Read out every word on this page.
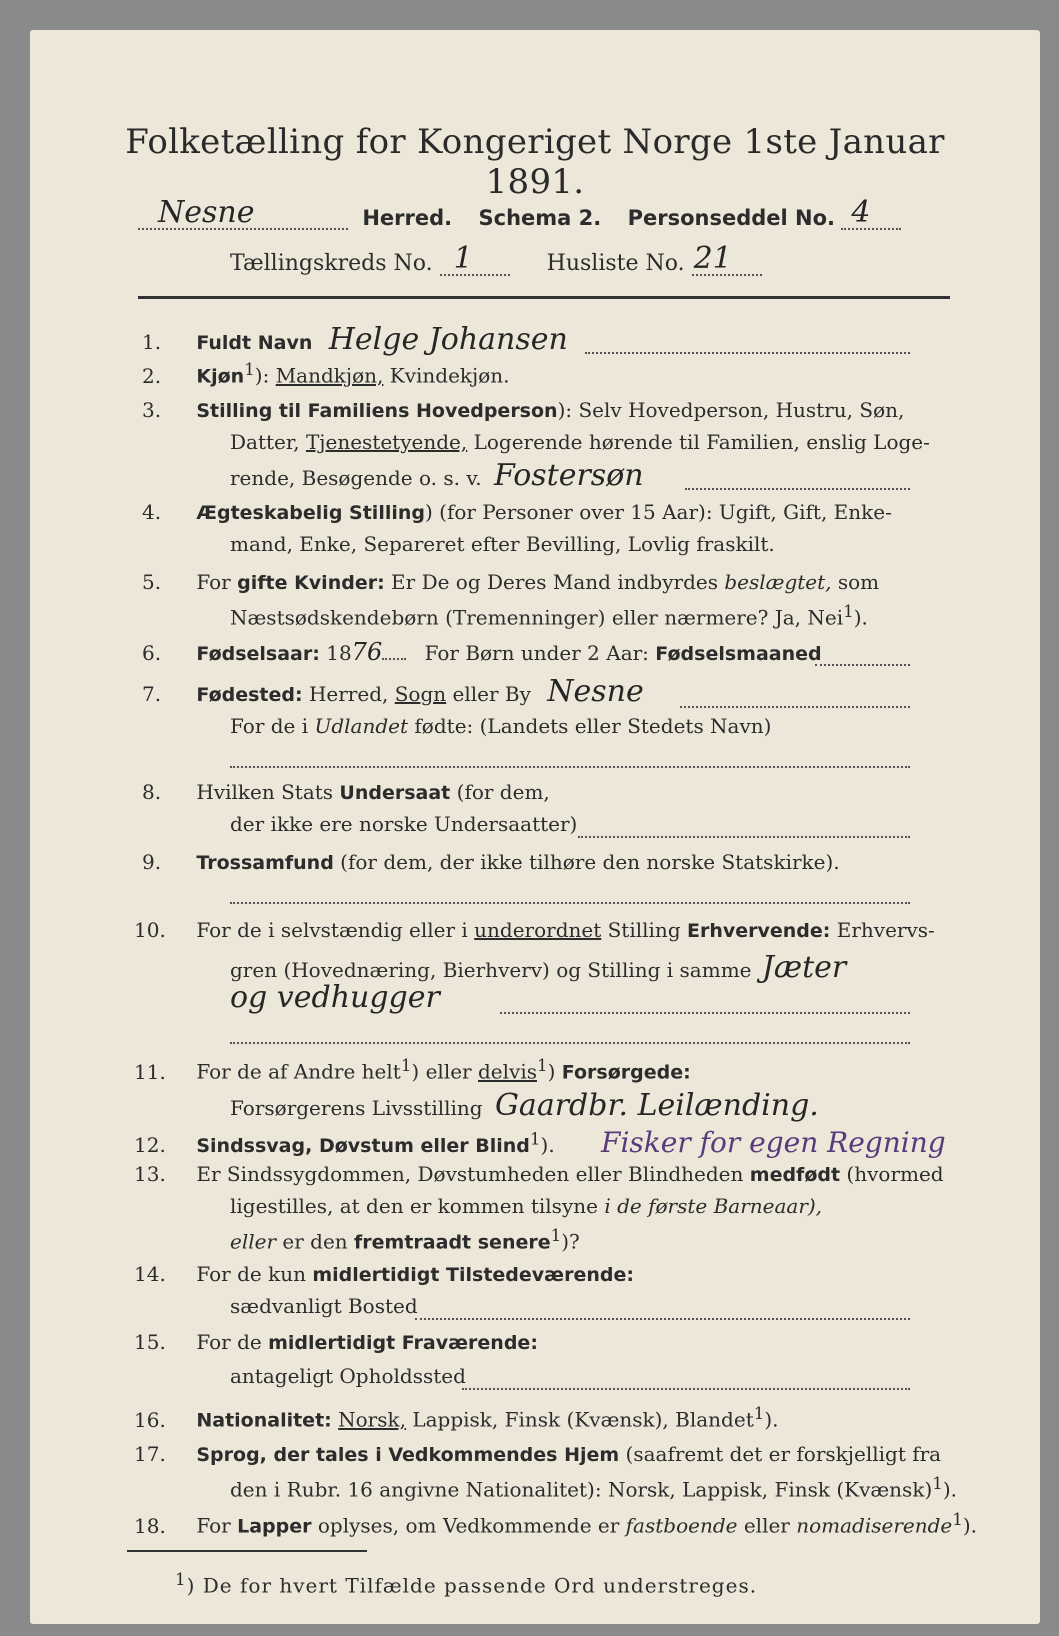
Folketælling for Kongeriget Norge 1ste Januar 1891.
Nesne	Herred. Schema 2. Personseddel No. 4
Tællingskreds No. 1	Husliste No. 21
1. Fuldt Navn Helge Johansen
2. Kjøn$^1$): Mandkjøn, Kvindekjøn.
3. Stilling til Familiens Hovedperson): Selv Hovedperson, Hustru, Søn,
Datter, Tjenestetyende, Logerende hørende til Familien, enslig Loge-
rende, Besøgende o. s. v. Fostersøn
4. Ægteskabelig Stilling) (for Personer over 15 Aar): Ugift, Gift, Enke-
mand, Enke, Separeret efter Bevilling, Lovlig fraskilt.
5. For gifte Kvinder: Er De og Deres Mand indbyrdes beslægtet, som
Næstsødskendebørn (Tremenninger) eller nærmere? Ja, Nei$^1$).
6. Fødselsaar: 1876 For Børn under 2 Aar: Fødselsmaaned
7. Fødested: Herred, Sogn eller By Nesne
For de i Udlandet fødte: (Landets eller Stedets Navn)
8. Hvilken Stats Undersaat (for dem,
der ikke ere norske Undersaatter)
9. Trossamfund (for dem, der ikke tilhøre den norske Statskirke).
10. For de i selvstændig eller i underordnet Stilling Erhvervende: Erhvervs-
gren (Hovednæring, Bierhverv) og Stilling i samme Jæter
og vedhugger
11. For de af Andre helt$^1$) eller delvis$^1$) Forsørgede:
Forsørgerens Livsstilling Gaardbr. Leilænding.
12. Sindssvag, Døvstum eller Blind$^1$). Fisker for egen Regning
13. Er Sindssygdommen, Døvstumheden eller Blindheden medfødt (hvormed
ligestilles, at den er kommen tilsyne i de første Barneaar),
eller er den fremtraadt senere$^1$)?
14. For de kun midlertidigt Tilstedeværende:
sædvanligt Bosted
15. For de midlertidigt Fraværende:
antageligt Opholdssted
16. Nationalitet: Norsk, Lappisk, Finsk (Kvænsk), Blandet$^1$).
17. Sprog, der tales i Vedkommendes Hjem (saafremt det er forskjelligt fra
den i Rubr. 16 angivne Nationalitet): Norsk, Lappisk, Finsk (Kvænsk)$^1$).
18. For Lapper oplyses, om Vedkommende er fastboende eller nomadiserende$^1$).
$^1$) De for hvert Tilfælde passende Ord understreges.
